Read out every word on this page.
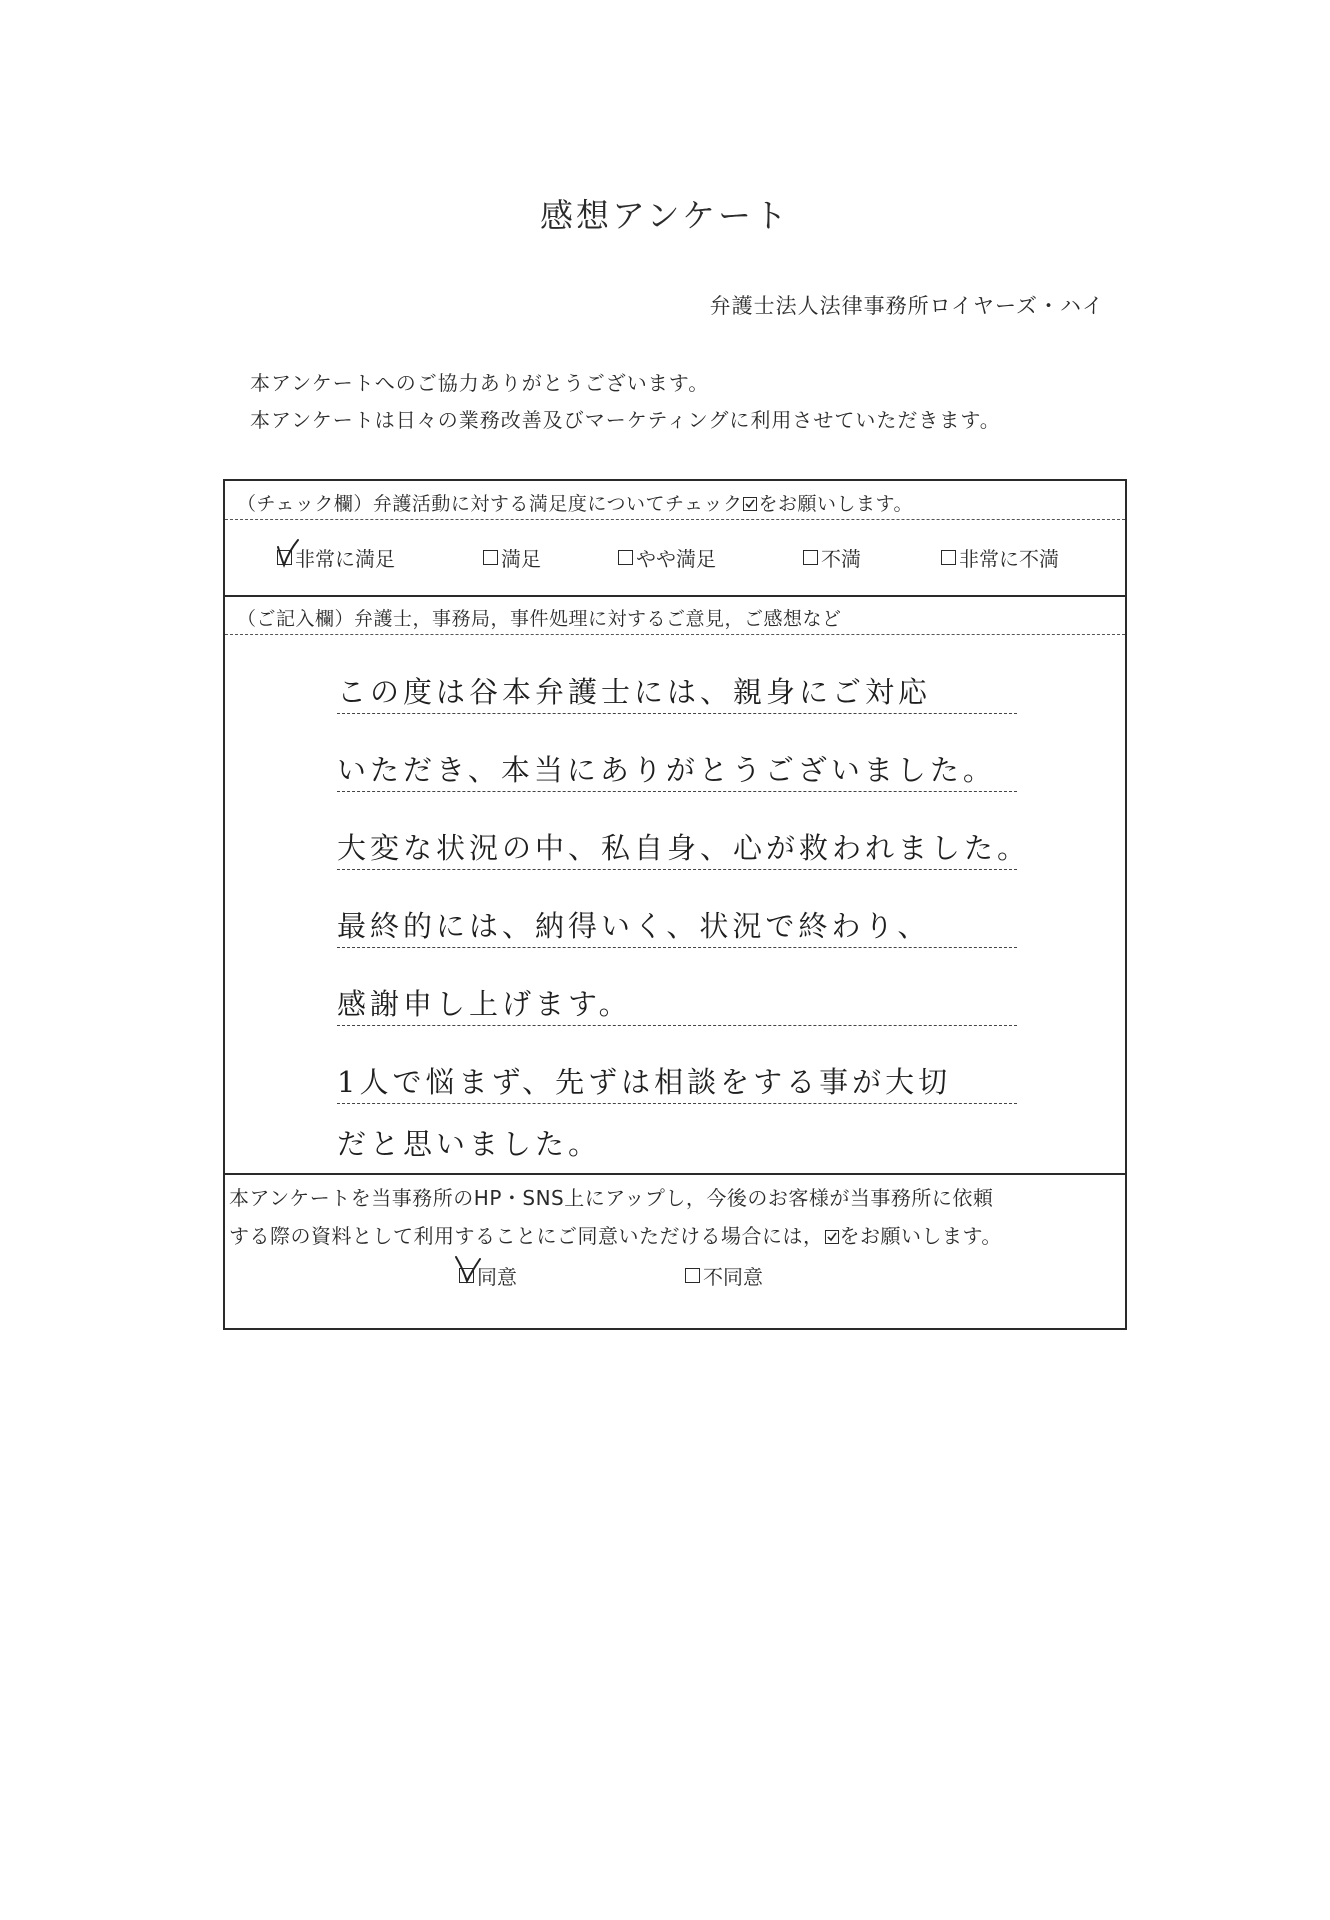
感想アンケート
弁護士法人法律事務所ロイヤーズ・ハイ
本アンケートへのご協力ありがとうございます。
本アンケートは日々の業務改善及びマーケティングに利用させていただきます。
（チェック欄）弁護活動に対する満足度についてチェック をお願いします。
非常に満足	満足	やや満足	不満	非常に不満
（ご記入欄）弁護士，事務局，事件処理に対するご意見，ご感想など
この度は谷本弁護士には、親身にご対応
いただき、本当にありがとうございました。
大変な状況の中、私自身、心が救われました。
最終的には、納得いく、状況で終わり、
感謝申し上げます。
1人で悩まず、先ずは相談をする事が大切
だと思いました。
本アンケートを当事務所のHP・SNS上にアップし，今後のお客様が当事務所に依頼
する際の資料として利用することにご同意いただける場合には， をお願いします。
同意	不同意
